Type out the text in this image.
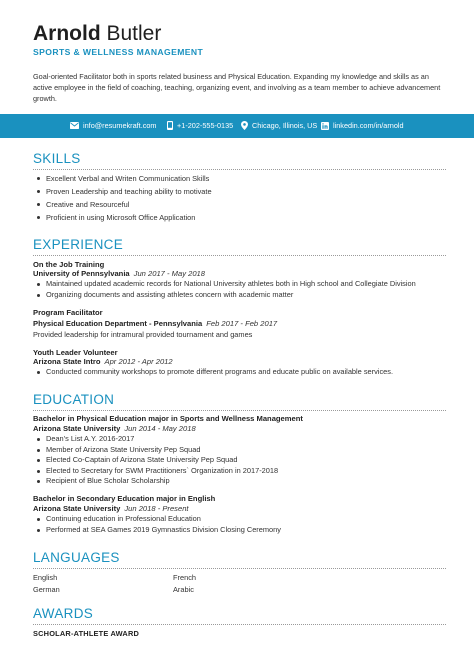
Arnold Butler
SPORTS & WELLNESS MANAGEMENT
Goal-oriented Facilitator both in sports related business and Physical Education. Expanding my knowledge and skills as an active employee in the field of coaching, teaching, organizing event, and involving as a team member to achieve advancement growth.
info@resumekraft.com	+1-202-555-0135	Chicago, Illinois, US linkedin.com/in/arnold
SKILLS
Excellent Verbal and Writen Communication Skills
Proven Leadership and teaching ability to motivate
Creative and Resourceful
Proficient in using Microsoft Office Application
EXPERIENCE
On the Job Training
University of Pennsylvania Jun 2017 - May 2018
Maintained updated academic records for National University athletes both in High school and Collegiate Division
Organizing documents and assisting athletes concern with academic matter
Program Facilitator
Physical Education Department - Pennsylvania Feb 2017 - Feb 2017
Provided leadership for intramural provided tournament and games
Youth Leader Volunteer
Arizona State Intro Apr 2012 - Apr 2012
Conducted community workshops to promote different programs and educate public on available services.
EDUCATION
Bachelor in Physical Education major in Sports and Wellness Management
Arizona State University Jun 2014 - May 2018
Dean's List A.Y. 2016-2017
Member of Arizona State University Pep Squad
Elected Co-Captain of Arizona State University Pep Squad
Elected to Secretary for SWM Practitioners` Organization in 2017-2018
Recipient of Blue Scholar Scholarship
Bachelor in Secondary Education major in English
Arizona State University Jun 2018 - Present
Continuing education in Professional Education
Performed at SEA Games 2019 Gymnastics Division Closing Ceremony
LANGUAGES
English	French
German	Arabic
AWARDS
SCHOLAR-ATHLETE AWARD
